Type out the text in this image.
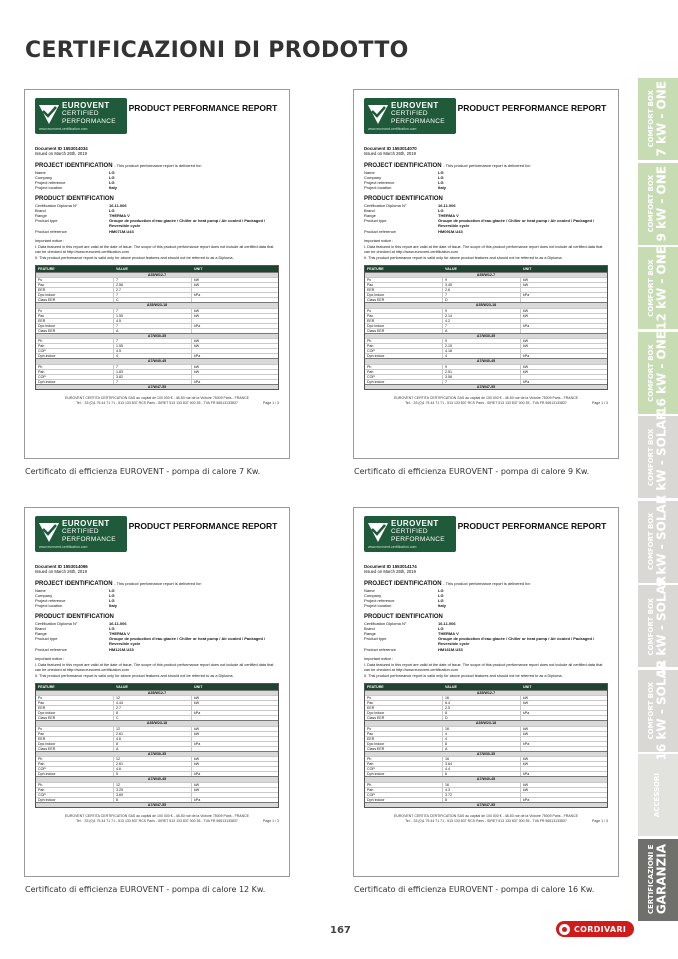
CERTIFICAZIONI DI PRODOTTO
EUROVENT
CERTIFIED
PERFORMANCE
www.eurovent-certification.com
PRODUCT PERFORMANCE REPORT
Document ID 1553014034
Issued on March 26th, 2019
PROJECT IDENTIFICATION - This product performance report is delivered for:
Name	LG
Company	LG
Project reference	LG
Project location	Italy
PRODUCT IDENTIFICATION
Certification Diploma N°	16.11.006
Brand	LG
Range	THERMA V
Product type	Groupe de production d'eau glacée / Chiller or heat pump / Air cooled / Packaged / Reversible cycle
Product reference	HM071M.U43

Important notice :

I. Data featured in this report are valid at the date of issue. The scope of this product performance report does not include all certified data that can be checked at http://www.eurovent-certification.com

II. This product performance report is valid only for above product features and should not be referred to as a Diploma.

FEATURE	VALUE	UNIT
A35/W12-7
Pc	7	kW
Pac	2.56	kW
EER	2.7
Dpc indoor	7	kPa
Class EER	C
A35/W23-18
Pc	7	kW
Pac	1.55	kW
EER	4.5
Dpc indoor	7	kPa
Class EER	A
A7/W30-35
Ph	7	kW
Pah	1.55	kW
COP	4.5
Dph indoor	4	kPa
A7/W40-45
Ph	7	kW
Pah	1.83	kW
COP	3.82
Dph indoor	7	kPa
A7/W47-55
EUROVENT CERTITA CERTIFICATION SAS au capital de 100 000 € - 48-50 rue de la Victoire 75009 Paris - FRANCE
Tel. : 33 (0)1 75 44 71 71 - 513 133 837 RCS Paris - SIRET 513 133 837 000 35 - TVA FR 56513133837	Page 1 / 3
Certificato di efficienza EUROVENT - pompa di calore 7 Kw.
EUROVENT
CERTIFIED
PERFORMANCE
www.eurovent-certification.com
PRODUCT PERFORMANCE REPORT
Document ID 1553014070
Issued on March 26th, 2019
PROJECT IDENTIFICATION - This product performance report is delivered for:
Name	LG
Company	LG
Project reference	LG
Project location	Italy
PRODUCT IDENTIFICATION
Certification Diploma N°	16.11.006
Brand	LG
Range	THERMA V
Product type	Groupe de production d'eau glacée / Chiller or heat pump / Air cooled / Packaged / Reversible cycle
Product reference	HM091M.U43

Important notice :

I. Data featured in this report are valid at the date of issue. The scope of this product performance report does not include all certified data that can be checked at http://www.eurovent-certification.com

II. This product performance report is valid only for above product features and should not be referred to as a Diploma.

FEATURE	VALUE	UNIT
A35/W12-7
Pc	9	kW
Pac	3.45	kW
EER	2.6
Dpc indoor	7	kPa
Class EER	D
A35/W23-18
Pc	9	kW
Pac	2.14	kW
EER	4.2
Dpc indoor	7	kPa
Class EER	A
A7/W30-35
Ph	9	kW
Pah	2.15	kW
COP	4.18
Dph indoor	4	kPa
A7/W40-45
Ph	9	kW
Pah	2.51	kW
COP	3.58
Dph indoor	7	kPa
A7/W47-55
EUROVENT CERTITA CERTIFICATION SAS au capital de 100 000 € - 48-50 rue de la Victoire 75009 Paris - FRANCE
Tel. : 33 (0)1 75 44 71 71 - 513 133 837 RCS Paris - SIRET 513 133 837 000 35 - TVA FR 56513133837	Page 1 / 3
Certificato di efficienza EUROVENT - pompa di calore 9 Kw.
EUROVENT
CERTIFIED
PERFORMANCE
www.eurovent-certification.com
PRODUCT PERFORMANCE REPORT
Document ID 1553014096
Issued on March 26th, 2019
PROJECT IDENTIFICATION - This product performance report is delivered for:
Name	LG
Company	LG
Project reference	LG
Project location	Italy
PRODUCT IDENTIFICATION
Certification Diploma N°	16.11.006
Brand	LG
Range	THERMA V
Product type	Groupe de production d'eau glacée / Chiller or heat pump / Air cooled / Packaged / Reversible cycle
Product reference	HM121M.U33

Important notice :

I. Data featured in this report are valid at the date of issue. The scope of this product performance report does not include all certified data that can be checked at http://www.eurovent-certification.com

II. This product performance report is valid only for above product features and should not be referred to as a Diploma.

FEATURE	VALUE	UNIT
A35/W12-7
Pc	12	kW
Pac	4.44	kW
EER	2.7
Dpc indoor	8	kPa
Class EER	C
A35/W23-18
Pc	12	kW
Pac	2.61	kW
EER	4.6
Dpc indoor	8	kPa
Class EER	A
A7/W30-35
Ph	12	kW
Pah	2.61	kW
COP	4.6
Dph indoor	5	kPa
A7/W40-45
Ph	12	kW
Pah	3.25	kW
COP	3.69
Dph indoor	8	kPa
A7/W47-55
EUROVENT CERTITA CERTIFICATION SAS au capital de 100 000 € - 48-50 rue de la Victoire 75009 Paris - FRANCE
Tel. : 33 (0)1 75 44 71 71 - 513 133 837 RCS Paris - SIRET 513 133 837 000 35 - TVA FR 56513133837	Page 1 / 3
Certificato di efficienza EUROVENT - pompa di calore 12 Kw.
EUROVENT
CERTIFIED
PERFORMANCE
www.eurovent-certification.com
PRODUCT PERFORMANCE REPORT
Document ID 1553014174
Issued on March 26th, 2019
PROJECT IDENTIFICATION - This product performance report is delivered for:
Name	LG
Company	LG
Project reference	LG
Project location	Italy
PRODUCT IDENTIFICATION
Certification Diploma N°	16.11.006
Brand	LG
Range	THERMA V
Product type	Groupe de production d'eau glacée / Chiller or heat pump / Air cooled / Packaged / Reversible cycle
Product reference	HM161M.U33

Important notice :

I. Data featured in this report are valid at the date of issue. The scope of this product performance report does not include all certified data that can be checked at http://www.eurovent-certification.com

II. This product performance report is valid only for above product features and should not be referred to as a Diploma.

FEATURE	VALUE	UNIT
A35/W12-7
Pc	16	kW
Pac	6.4	kW
EER	2.5
Dpc indoor	8	kPa
Class EER	D
A35/W23-18
Pc	16	kW
Pac	4	kW
EER	4
Dpc indoor	8	kPa
Class EER	A
A7/W30-35
Ph	16	kW
Pah	3.64	kW
COP	4.4
Dph indoor	6	kPa
A7/W40-45
Ph	16	kW
Pah	4.3	kW
COP	3.72
Dph indoor	8	kPa
A7/W47-55
EUROVENT CERTITA CERTIFICATION SAS au capital de 100 000 € - 48-50 rue de la Victoire 75009 Paris - FRANCE
Tel. : 33 (0)1 75 44 71 71 - 513 133 837 RCS Paris - SIRET 513 133 837 000 35 - TVA FR 56513133837	Page 1 / 3
Certificato di efficienza EUROVENT - pompa di calore 16 Kw.
COMFORT BOX 7 kW - ONE
COMFORT BOX 9 kW - ONE
COMFORT BOX 12 kW - ONE
COMFORT BOX 16 kW - ONE
COMFORT BOX 7 kW - SOLAR
COMFORT BOX 9 kW - SOLAR
COMFORT BOX 12 kW - SOLAR
COMFORT BOX 16 kW - SOLAR
ACCESSORI
CERTIFICAZIONI E GARANZIA
167	CORDIVARI
